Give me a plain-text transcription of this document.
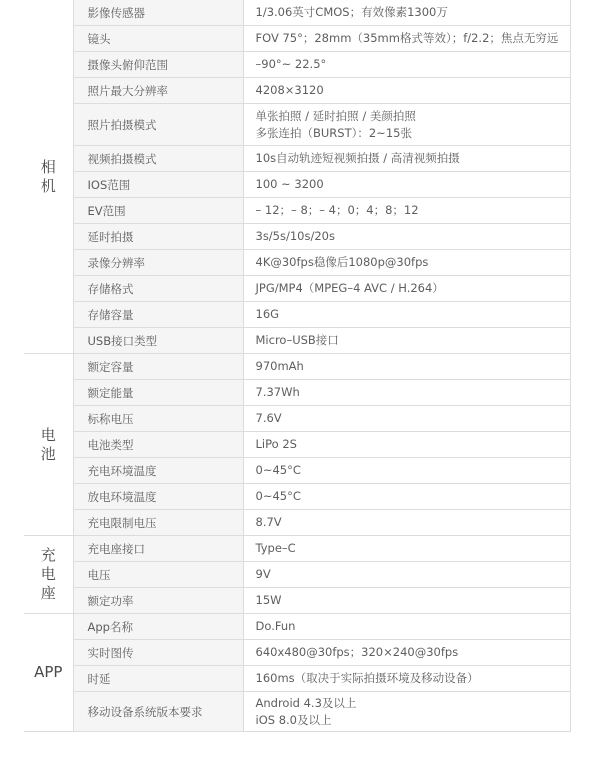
相机	影像传感器	1/3.06英寸CMOS；有效像素1300万

	镜头	FOV 75°；28mm（35mm格式等效）；f/2.2；焦点无穷远

	摄像头俯仰范围	–90°~ 22.5°

	照片最大分辨率	4208×3120

	照片拍摄模式	单张拍照 / 延时拍照 / 美颜拍照
多张连拍（BURST）：2~15张

	视频拍摄模式	10s自动轨迹短视频拍摄 / 高清视频拍摄

	IOS范围	100 ~ 3200

	EV范围	– 12；– 8；– 4；0；4；8；12

	延时拍摄	3s/5s/10s/20s

	录像分辨率	4K@30fps稳像后1080p@30fps

	存储格式	JPG/MP4（MPEG–4 AVC / H.264）

	存储容量	16G

	USB接口类型	Micro–USB接口

电池	额定容量	970mAh

	额定能量	7.37Wh

	标称电压	7.6V

	电池类型	LiPo 2S

	充电环境温度	0~45°C

	放电环境温度	0~45°C

	充电限制电压	8.7V

充电座	充电座接口	Type–C

	电压	9V

	额定功率	15W

APP	App名称	Do.Fun

	实时图传	640x480@30fps；320×240@30fps

	时延	160ms（取决于实际拍摄环境及移动设备）

	移动设备系统版本要求	Android 4.3及以上
iOS 8.0及以上
